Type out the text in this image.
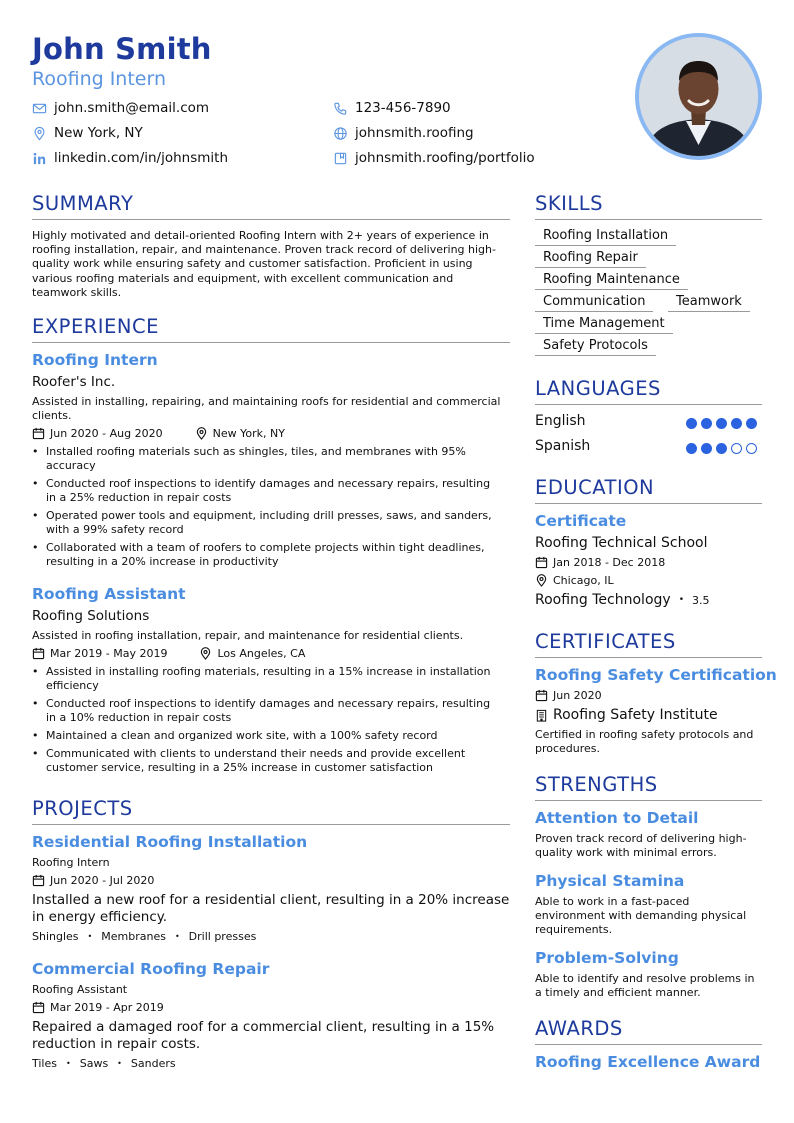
John Smith
Roofing Intern
john.smith@email.com	123-456-7890
New York, NY	johnsmith.roofing
linkedin.com/in/johnsmith	johnsmith.roofing/portfolio
SUMMARY
Highly motivated and detail-oriented Roofing Intern with 2+ years of experience in roofing installation, repair, and maintenance. Proven track record of delivering high-quality work while ensuring safety and customer satisfaction. Proficient in using various roofing materials and equipment, with excellent communication and teamwork skills.
EXPERIENCE
Roofing Intern
Roofer's Inc.
Assisted in installing, repairing, and maintaining roofs for residential and commercial clients.
Jun 2020 - Aug 2020	New York, NY
• Installed roofing materials such as shingles, tiles, and membranes with 95% accuracy
• Conducted roof inspections to identify damages and necessary repairs, resulting in a 25% reduction in repair costs
• Operated power tools and equipment, including drill presses, saws, and sanders, with a 99% safety record
• Collaborated with a team of roofers to complete projects within tight deadlines, resulting in a 20% increase in productivity
Roofing Assistant
Roofing Solutions
Assisted in roofing installation, repair, and maintenance for residential clients.
Mar 2019 - May 2019	Los Angeles, CA
• Assisted in installing roofing materials, resulting in a 15% increase in installation efficiency
• Conducted roof inspections to identify damages and necessary repairs, resulting in a 10% reduction in repair costs
• Maintained a clean and organized work site, with a 100% safety record
• Communicated with clients to understand their needs and provide excellent customer service, resulting in a 25% increase in customer satisfaction
PROJECTS
Residential Roofing Installation
Roofing Intern
Jun 2020 - Jul 2020
Installed a new roof for a residential client, resulting in a 20% increase in energy efficiency.
Shingles • Membranes • Drill presses
Commercial Roofing Repair
Roofing Assistant
Mar 2019 - Apr 2019
Repaired a damaged roof for a commercial client, resulting in a 15% reduction in repair costs.
Tiles • Saws • Sanders
SKILLS
Roofing Installation
Roofing Repair
Roofing Maintenance
Communication	Teamwork
Time Management
Safety Protocols
LANGUAGES
English
Spanish
EDUCATION
Certificate
Roofing Technical School
Jan 2018 - Dec 2018
Chicago, IL
Roofing Technology • 3.5
CERTIFICATES
Roofing Safety Certification
Jun 2020
Roofing Safety Institute
Certified in roofing safety protocols and procedures.
STRENGTHS
Attention to Detail
Proven track record of delivering high-quality work with minimal errors.
Physical Stamina
Able to work in a fast-paced environment with demanding physical requirements.
Problem-Solving
Able to identify and resolve problems in a timely and efficient manner.
AWARDS
Roofing Excellence Award
